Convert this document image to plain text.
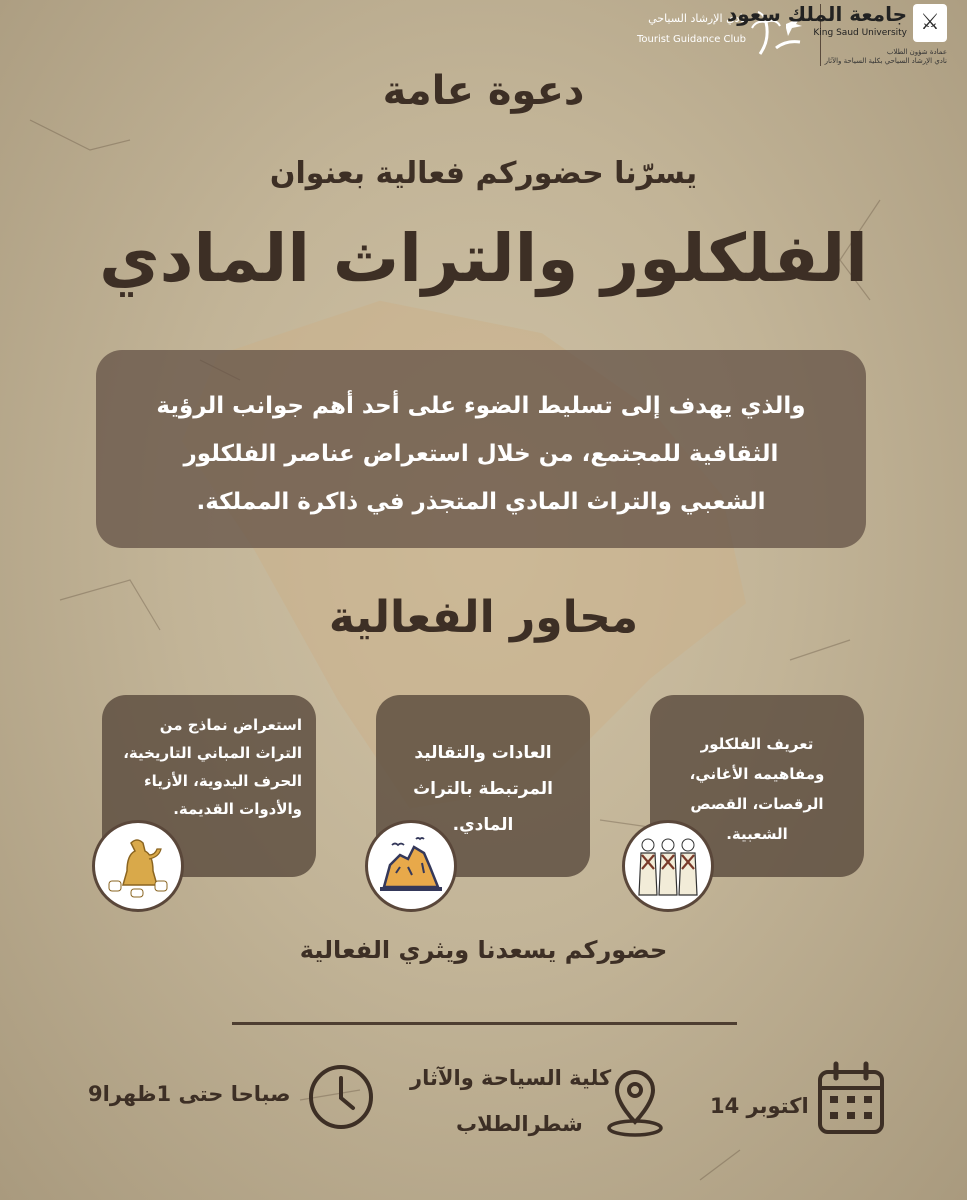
نادي الإرشاد السياحي
Tourist Guidance Club
⚔
جامعة الملك سعود
King Saud University
عمادة شؤون الطلاب
نادي الإرشاد السياحي بكلية السياحة والآثار
دعوة عامة
يسرّنا حضوركم فعالية بعنوان
الفلكلور والتراث المادي

والذي يهدف إلى تسليط الضوء على أحد أهم جوانب الرؤية الثقافية للمجتمع، من خلال استعراض عناصر الفلكلور الشعبي والتراث المادي المتجذر في ذاكرة المملكة.

محاور الفعالية

استعراض نماذج من التراث المباني التاريخية، الحرف اليدوية، الأزياء والأدوات القديمة.

العادات والتقاليد المرتبطة بالتراث المادي.

تعريف الفلكلور ومفاهيمه الأغاني، الرقصات، القصص الشعبية.

حضوركم يسعدنا ويثري الفعالية
9صباحا حتى 1ظهرا
كلية السياحة والآثار
شطرالطلاب
14 اكتوبر
